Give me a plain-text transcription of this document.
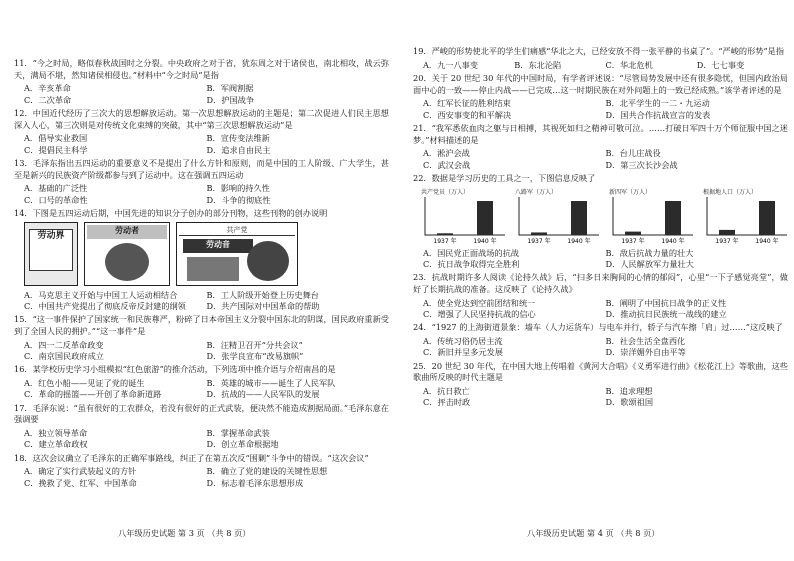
11．“今之时局，略似春秋战国时之分裂。中央政府之对于省，犹东周之对于诸侯也，南北相攻，战云弥天，满局不堪，然知诸侯相侵也。”材料中“今之时局”是指

A．辛亥革命	B．军阀割据
C．二次革命	D．护国战争

12．中国近代经历了三次大的思想解放运动。第一次思想解放运动的主题是；第二次促进人们民主思想深入人心，第三次则是对传统文化束缚的突破，其中“第三次思想解放运动”是

A．倡导实业救国	B．宣传变法维新
C．提倡民主科学	D．追求自由民主

13．毛泽东指出五四运动的重要意义不是提出了什么方针和原则，而是中国的工人阶级、广大学生，甚至是新兴的民族资产阶级都参与到了运动中。这在强调五四运动

A．基础的广泛性	B．影响的持久性
C．口号的革命性	D．斗争的彻底性

14．下图是五四运动后期，中国先进的知识分子创办的部分刊物，这些刊物的创办说明

劳动界
劳动者	共产党
劳动音
A．马克思主义开始与中国工人运动相结合	B．工人阶级开始登上历史舞台
C．中国共产党提出了彻底反帝反封建的纲领	D．共产国际对中国革命的帮助

15．“这一事件保护了国家统一和民族尊严，粉碎了日本帝国主义分裂中国东北的阴谋，国民政府重新受到了全国人民的拥护。”“这一事件”是

A．四一二反革命政变	B．汪精卫召开“分共会议”
C．南京国民政府成立	D．张学良宣布“改易旗帜”

16．某学校历史学习小组模拟“红色旅游”的推介活动，下列选项中推介语与介绍南昌的是

A．红色小船——见证了党的诞生	B．英雄的城市——诞生了人民军队
C．革命的摇篮——开创了革命新道路	D．抗战的——人民军队的发展

17．毛泽东说：“虽有很好的工农群众，若没有很好的正式武装，便决然不能造成割据局面。”毛泽东意在强调要

A．独立领导革命	B．掌握革命武装
C．建立革命政权	D．创立革命根据地

18．这次会议确立了毛泽东的正确军事路线，纠正了在第五次反“围剿”斗争中的错误。“这次会议”

A．确定了实行武装起义的方针	B．确立了党的建设的关键性思想
C．挽救了党、红军、中国革命	D．标志着毛泽东思想形成
八年级历史试题 第 3 页 （共 8 页）

19．严峻的形势使北平的学生们痛感“华北之大，已经安放不得一张平静的书桌了”。“严峻的形势”是指

A．九一八事变	B．东北沦陷	C．华北危机	D．七七事变

20．关于 20 世纪 30 年代的中国时局，有学者评述说：“尽管局势发展中还有很多隐忧，但国内政治局面中心的一致——停止内战——已完成…这一时期民族在对外问题上的一致已经成熟。”该学者评述的是

A．红军长征的胜利结束	B．北平学生的一二・九运动
C．西安事变的和平解决	D．国共合作抗战宣言的发表

21．“我军悉依血肉之躯与日相搏，其视死如归之精神可敬可泣。……打破日军四十万个师征服中国之迷梦。”材料描述的是

A．淞沪会战	B．台儿庄战役
C．武汉会战	D．第三次长沙会战

22．数据是学习历史的工具之一，下图信息反映了

共产党员（万人）
1937 年	1940 年
八路军（万人）
1937 年	1940 年
新四军（万人）
1937 年	1940 年
根据地人口（万人）
1937 年	1940 年
A．国民党正面战场的抗战	B．敌后抗战力量的壮大
C．抗日战争取得完全胜利	D．人民解放军力量壮大

23．抗战时期许多人阅读《论持久战》后，“扫多日来胸间的心情的郁闷”，心里“一下子感觉亮堂”，做好了长期抗战的准备。这反映了《论持久战》

A．使全党达到空前团结和统一	B．阐明了中国抗日战争的正义性
C．增强了人民坚持抗战的信心	D．推动抗日民族统一战线的建立

24．“1927 的上海街道景象：墙车（人力运货车）与电车并行，轿子与汽车擦「肩」过……”这反映了

A．传统习俗仍居主流	B．社会生活全盘西化
C．新旧并呈多元发展	D．崇洋媚外自由平等

25．20 世纪 30 年代，在中国大地上传唱着《黄河大合唱》《义勇军进行曲》《松花江上》等歌曲，这些歌曲所反映的时代主题是

A．抗日救亡	B．追求理想
C．抨击时政	D．歌颂祖国
八年级历史试题 第 4 页 （共 8 页）
